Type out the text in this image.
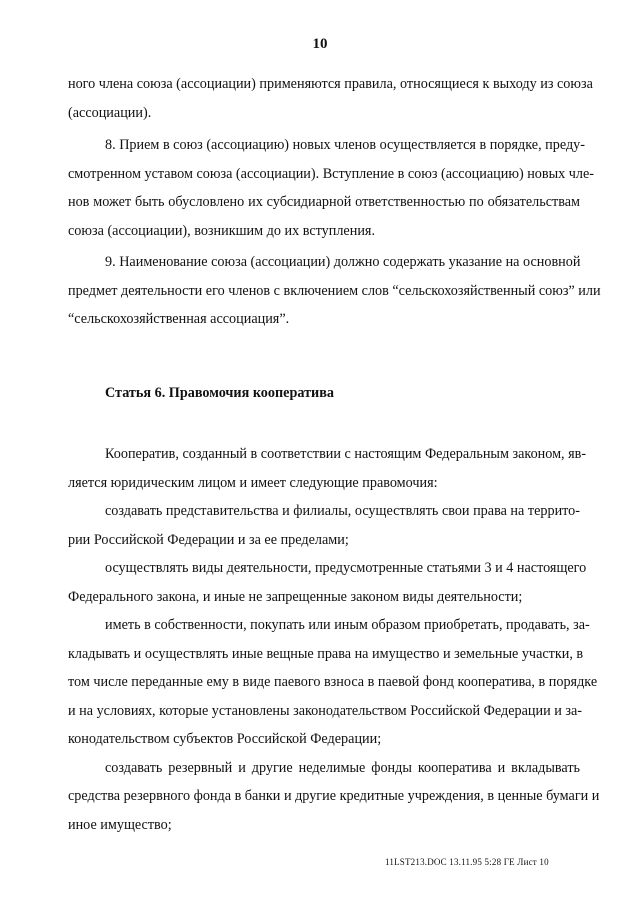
10
ного члена союза (ассоциации) применяются правила, относящиеся к выходу из союза
(ассоциации).
8. Прием в союз (ассоциацию) новых членов осуществляется в порядке, преду-
смотренном уставом союза (ассоциации). Вступление в союз (ассоциацию) новых чле-
нов может быть обусловлено их субсидиарной ответственностью по обязательствам
союза (ассоциации), возникшим до их вступления.
9. Наименование союза (ассоциации) должно содержать указание на основной
предмет деятельности его членов с включением слов “сельскохозяйственный союз” или
“сельскохозяйственная ассоциация”.
Статья 6. Правомочия кооператива
Кооператив, созданный в соответствии с настоящим Федеральным законом, яв-
ляется юридическим лицом и имеет следующие правомочия:
создавать представительства и филиалы, осуществлять свои права на террито-
рии Российской Федерации и за ее пределами;
осуществлять виды деятельности, предусмотренные статьями 3 и 4 настоящего
Федерального закона, и иные не запрещенные законом виды деятельности;
иметь в собственности, покупать или иным образом приобретать, продавать, за-
кладывать и осуществлять иные вещные права на имущество и земельные участки, в
том числе переданные ему в виде паевого взноса в паевой фонд кооператива, в порядке
и на условиях, которые установлены законодательством Российской Федерации и за-
конодательством субъектов Российской Федерации;
создавать резервный и другие неделимые фонды кооператива и вкладывать
средства резервного фонда в банки и другие кредитные учреждения, в ценные бумаги и
иное имущество;
11LST213.DOC 13.11.95 5:28 ГЕ Лист 10
